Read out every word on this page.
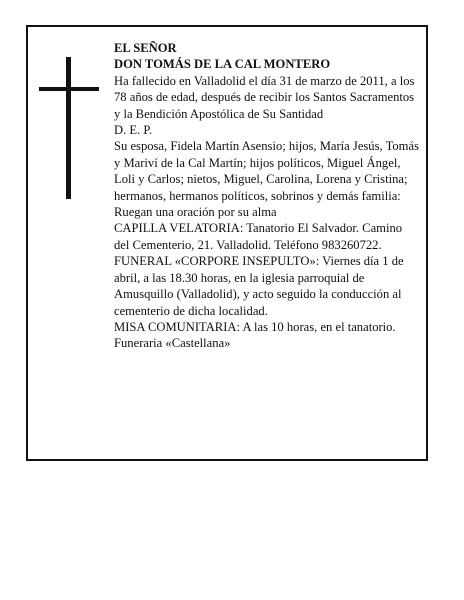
EL SEÑOR

DON TOMÁS DE LA CAL MONTERO

Ha fallecido en Valladolid el día 31 de marzo de 2011, a los 78 años de edad, después de recibir los Santos Sacramentos y la Bendición Apostólica de Su Santidad

D. E. P.

Su esposa, Fidela Martín Asensio; hijos, María Jesús, Tomás y Mariví de la Cal Martín; hijos políticos, Miguel Ángel, Loli y Carlos; nietos, Miguel, Carolina, Lorena y Cristina; hermanos, hermanos políticos, sobrinos y demás familia:

Ruegan una oración por su alma

CAPILLA VELATORIA: Tanatorio El Salvador. Camino del Cementerio, 21. Valladolid. Teléfono 983260722.

FUNERAL «CORPORE INSEPULTO»: Viernes día 1 de abril, a las 18.30 horas, en la iglesia parroquial de Amusquillo (Valladolid), y acto seguido la conducción al cementerio de dicha localidad.

MISA COMUNITARIA: A las 10 horas, en el tanatorio.

Funeraria «Castellana»
